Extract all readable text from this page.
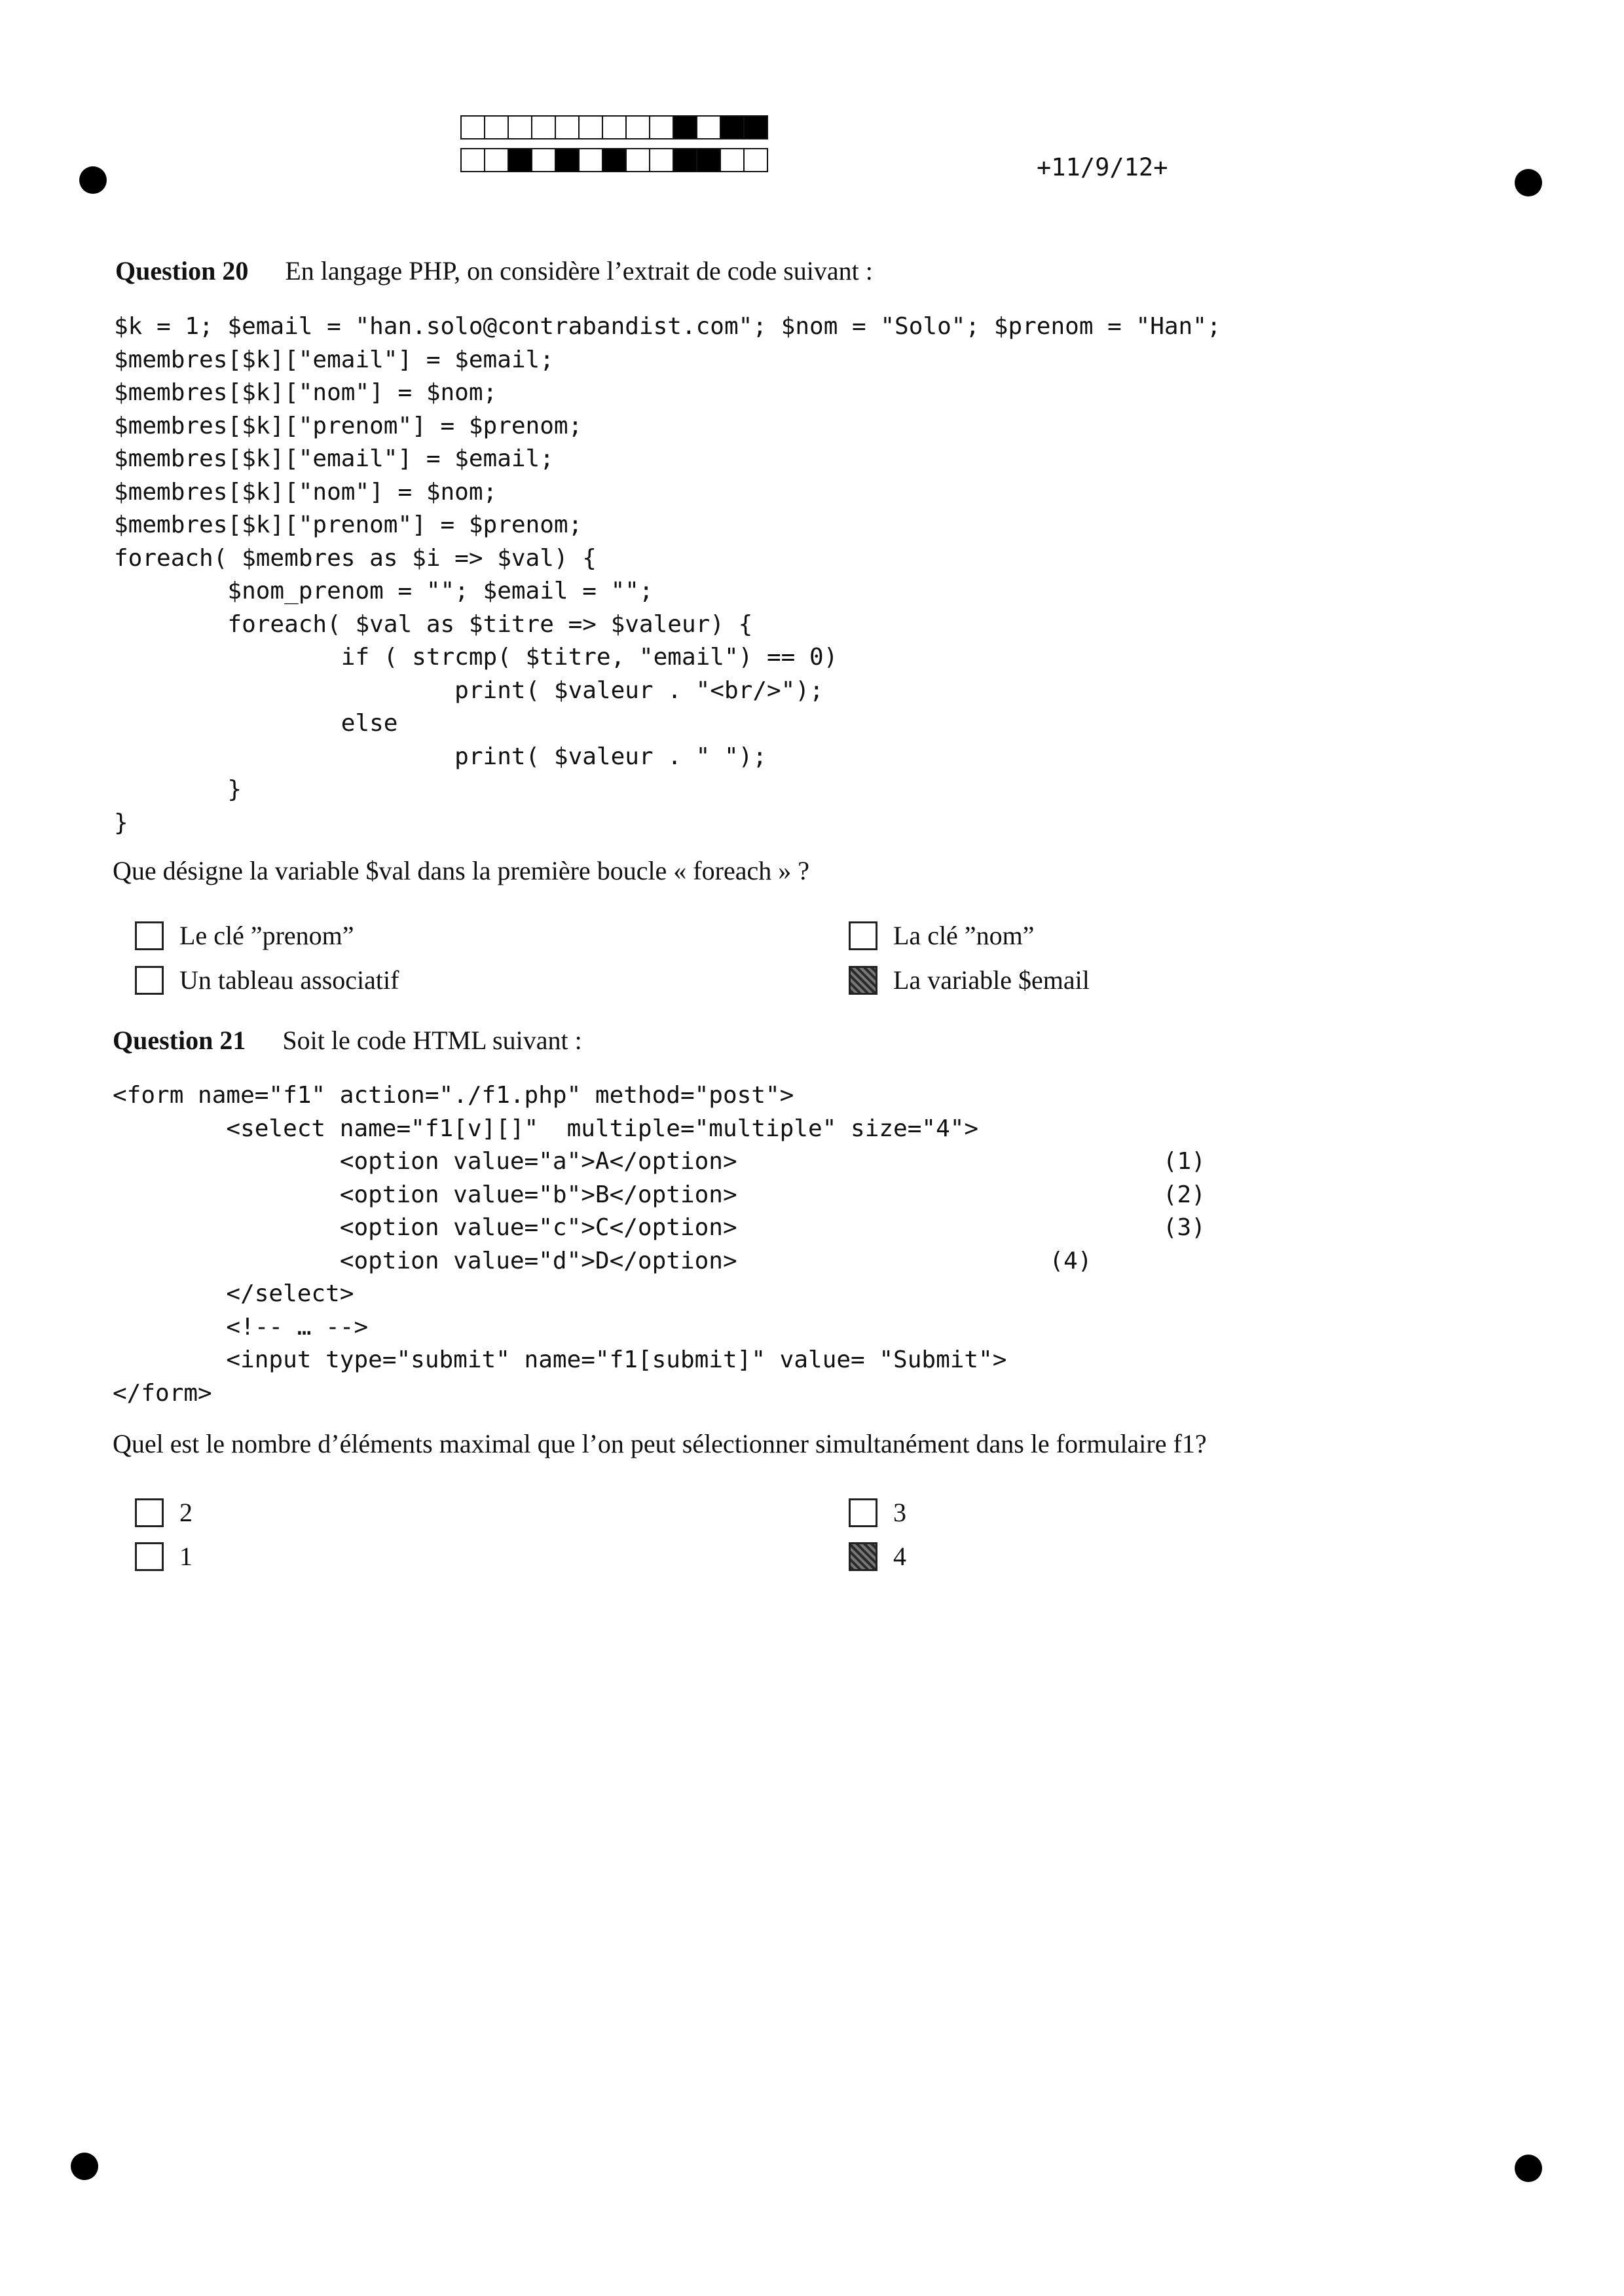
+11/9/12+
Question 20 En langage PHP, on considère l’extrait de code suivant :
$k = 1; $email = "han.solo@contrabandist.com"; $nom = "Solo"; $prenom = "Han";
$membres[$k]["email"] = $email;
$membres[$k]["nom"] = $nom;
$membres[$k]["prenom"] = $prenom;
$membres[$k]["email"] = $email;
$membres[$k]["nom"] = $nom;
$membres[$k]["prenom"] = $prenom;
foreach( $membres as $i => $val) {
$nom_prenom = ""; $email = "";
foreach( $val as $titre => $valeur) {
if ( strcmp( $titre, "email") == 0)
print( $valeur . "<br/>");
else
print( $valeur . " ");
}
}
Que désigne la variable $val dans la première boucle « foreach » ?
Le clé ”prenom”	La clé ”nom”
Un tableau associatif	La variable $email
Question 21 Soit le code HTML suivant :
<form name="f1" action="./f1.php" method="post">
<select name="f1[v][]"  multiple="multiple" size="4">
<option value="a">A</option>                              (1)
<option value="b">B</option>                              (2)
<option value="c">C</option>                              (3)
<option value="d">D</option>                      (4)
</select>
<!-- … -->
<input type="submit" name="f1[submit]" value= "Submit">
</form>
Quel est le nombre d’éléments maximal que l’on peut sélectionner simultanément dans le formulaire f1?
2	3
1	4
